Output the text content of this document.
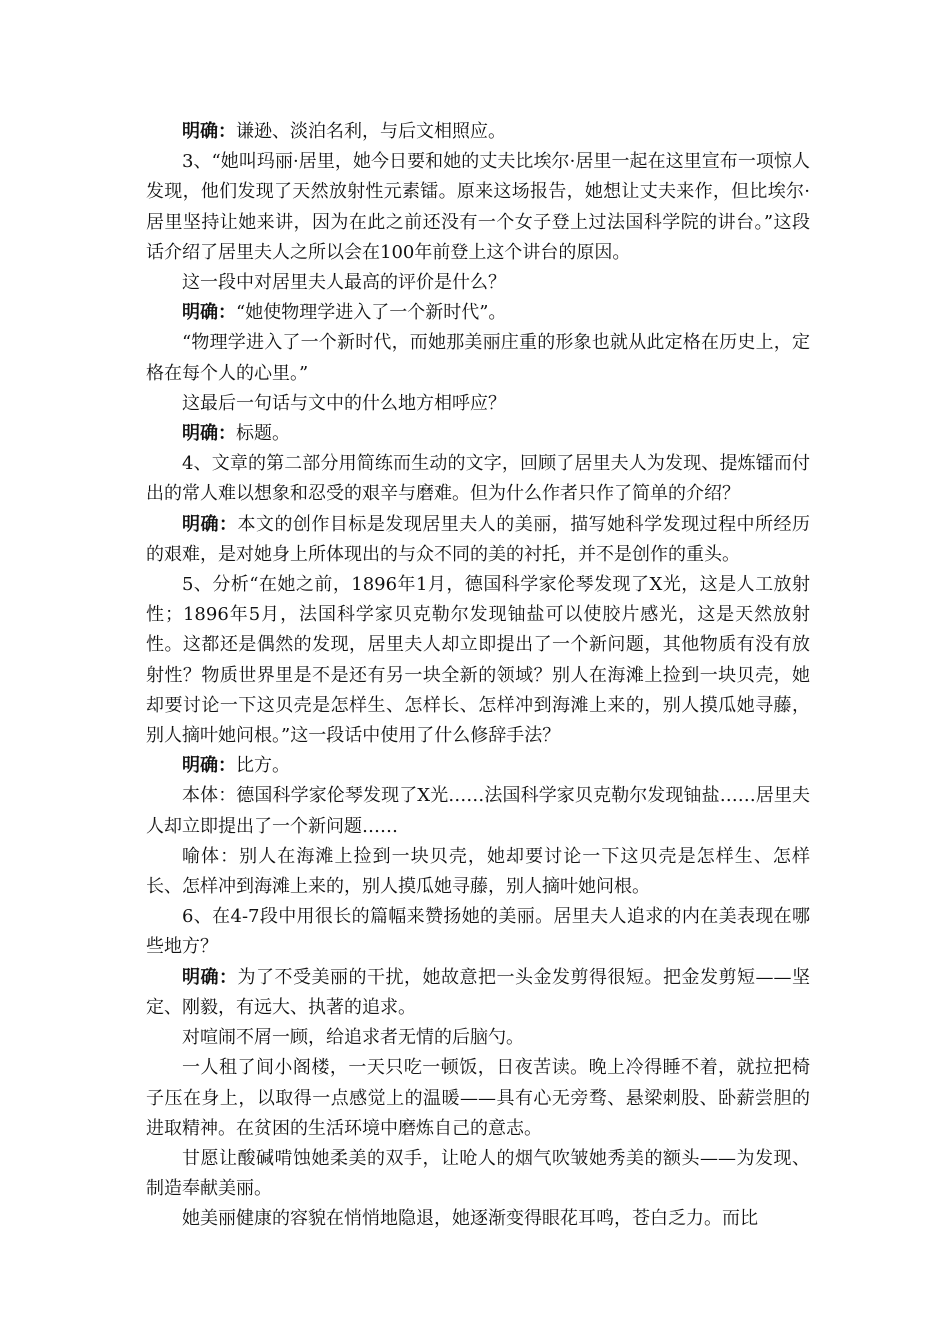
明确：谦逊、淡泊名利，与后文相照应。

3、“她叫玛丽·居里，她今日要和她的丈夫比埃尔·居里一起在这里宣布一项惊人发现，他们发现了天然放射性元素镭。原来这场报告，她想让丈夫来作，但比埃尔·居里坚持让她来讲，因为在此之前还没有一个女子登上过法国科学院的讲台。”这段话介绍了居里夫人之所以会在100年前登上这个讲台的原因。

这一段中对居里夫人最高的评价是什么？

明确：“她使物理学进入了一个新时代”。

“物理学进入了一个新时代，而她那美丽庄重的形象也就从此定格在历史上，定格在每个人的心里。”

这最后一句话与文中的什么地方相呼应？

明确：标题。

4、文章的第二部分用简练而生动的文字，回顾了居里夫人为发现、提炼镭而付出的常人难以想象和忍受的艰辛与磨难。但为什么作者只作了简单的介绍？

明确：本文的创作目标是发现居里夫人的美丽，描写她科学发现过程中所经历的艰难，是对她身上所体现出的与众不同的美的衬托，并不是创作的重头。

5、分析“在她之前，1896年1月，德国科学家伦琴发现了X光，这是人工放射性；1896年5月，法国科学家贝克勒尔发现铀盐可以使胶片感光，这是天然放射性。这都还是偶然的发现，居里夫人却立即提出了一个新问题，其他物质有没有放射性？物质世界里是不是还有另一块全新的领域？别人在海滩上捡到一块贝壳，她却要讨论一下这贝壳是怎样生、怎样长、怎样冲到海滩上来的，别人摸瓜她寻藤，别人摘叶她问根。”这一段话中使用了什么修辞手法？

明确：比方。

本体：德国科学家伦琴发现了X光……法国科学家贝克勒尔发现铀盐……居里夫人却立即提出了一个新问题……

喻体：别人在海滩上捡到一块贝壳，她却要讨论一下这贝壳是怎样生、怎样长、怎样冲到海滩上来的，别人摸瓜她寻藤，别人摘叶她问根。

6、在4-7段中用很长的篇幅来赞扬她的美丽。居里夫人追求的内在美表现在哪些地方？

明确：为了不受美丽的干扰，她故意把一头金发剪得很短。把金发剪短——坚定、刚毅，有远大、执著的追求。

对喧闹不屑一顾，给追求者无情的后脑勺。

一人租了间小阁楼，一天只吃一顿饭，日夜苦读。晚上冷得睡不着，就拉把椅子压在身上，以取得一点感觉上的温暖——具有心无旁骛、悬梁刺股、卧薪尝胆的进取精神。在贫困的生活环境中磨炼自己的意志。

甘愿让酸碱啃蚀她柔美的双手，让呛人的烟气吹皱她秀美的额头——为发现、制造奉献美丽。

她美丽健康的容貌在悄悄地隐退，她逐渐变得眼花耳鸣，苍白乏力。而比
